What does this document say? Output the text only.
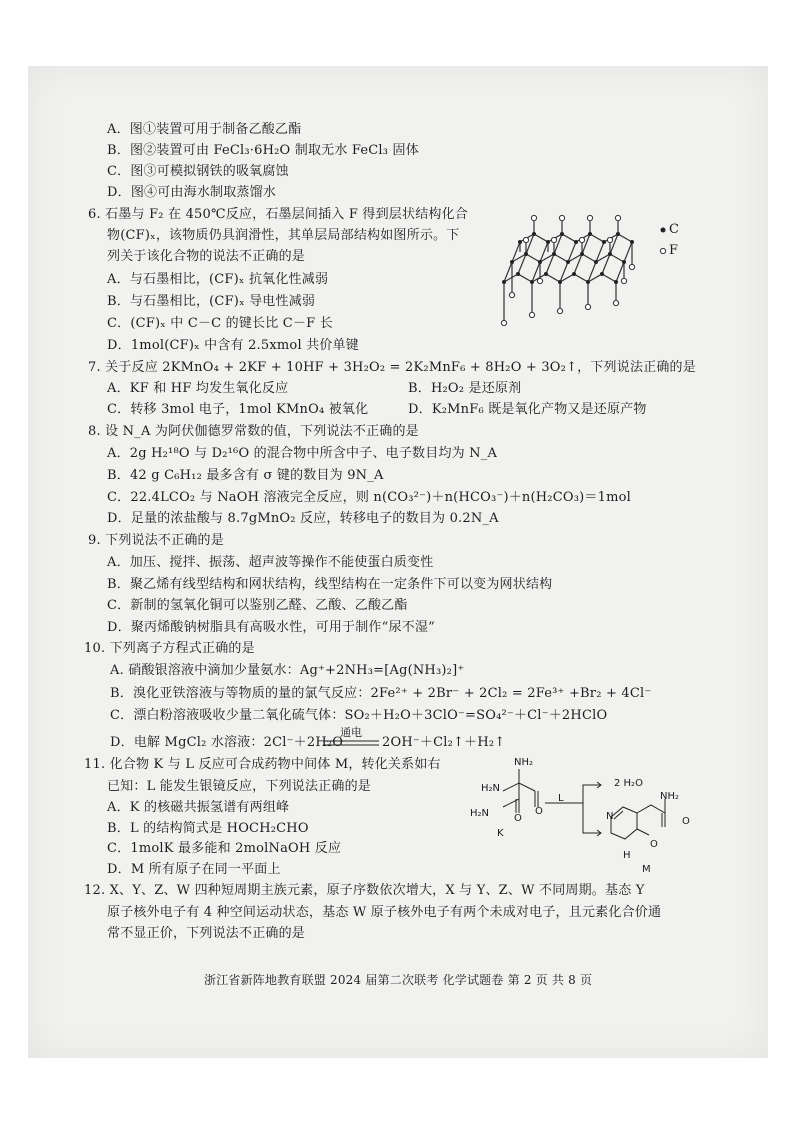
A．图①装置可用于制备乙酸乙酯
B．图②装置可由 FeCl₃·6H₂O 制取无水 FeCl₃ 固体
C．图③可模拟钢铁的吸氧腐蚀
D．图④可由海水制取蒸馏水
6. 石墨与 F₂ 在 450℃反应，石墨层间插入 F 得到层状结构化合
物(CF)ₓ，该物质仍具润滑性，其单层局部结构如图所示。下
列关于该化合物的说法不正确的是
A．与石墨相比，(CF)ₓ 抗氧化性减弱
B．与石墨相比，(CF)ₓ 导电性减弱
C．(CF)ₓ 中 C－C 的键长比 C－F 长
D．1mol(CF)ₓ 中含有 2.5xmol 共价单键
C
F
7. 关于反应 2KMnO₄ + 2KF + 10HF + 3H₂O₂ = 2K₂MnF₆ + 8H₂O + 3O₂↑，下列说法正确的是
A．KF 和 HF 均发生氧化反应	B．H₂O₂ 是还原剂
C．转移 3mol 电子，1mol KMnO₄ 被氧化	D．K₂MnF₆ 既是氧化产物又是还原产物
8. 设 N_A 为阿伏伽德罗常数的值，下列说法不正确的是
A．2g H₂¹⁸O 与 D₂¹⁶O 的混合物中所含中子、电子数目均为 N_A
B．42 g C₆H₁₂ 最多含有 σ 键的数目为 9N_A
C．22.4LCO₂ 与 NaOH 溶液完全反应，则 n(CO₃²⁻)＋n(HCO₃⁻)＋n(H₂CO₃)＝1mol
D．足量的浓盐酸与 8.7gMnO₂ 反应，转移电子的数目为 0.2N_A
9. 下列说法不正确的是
A．加压、搅拌、振荡、超声波等操作不能使蛋白质变性
B．聚乙烯有线型结构和网状结构，线型结构在一定条件下可以变为网状结构
C．新制的氢氧化铜可以鉴别乙醛、乙酸、乙酸乙酯
D．聚丙烯酸钠树脂具有高吸水性，可用于制作“尿不湿”
10. 下列离子方程式正确的是
A. 硝酸银溶液中滴加少量氨水：Ag⁺+2NH₃=[Ag(NH₃)₂]⁺
B．溴化亚铁溶液与等物质的量的氯气反应：2Fe²⁺ + 2Br⁻ + 2Cl₂ = 2Fe³⁺ +Br₂ + 4Cl⁻
C．漂白粉溶液吸收少量二氧化硫气体：SO₂＋H₂O＋3ClO⁻=SO₄²⁻＋Cl⁻＋2HClO
D．电解 MgCl₂ 水溶液：2Cl⁻＋2H₂O
通电
2OH⁻＋Cl₂↑＋H₂↑
11. 化合物 K 与 L 反应可合成药物中间体 M，转化关系如右
已知：L 能发生银镜反应，下列说法正确的是
A．K 的核磁共振氢谱有两组峰
B．L 的结构简式是 HOCH₂CHO
C．1molK 最多能和 2molNaOH 反应
D．M 所有原子在同一平面上
NH₂
H₂N
O
H₂N O
K
L
2 H₂O
NH₂
O
N
O
H
M
12. X、Y、Z、W 四种短周期主族元素，原子序数依次增大，X 与 Y、Z、W 不同周期。基态 Y
原子核外电子有 4 种空间运动状态，基态 W 原子核外电子有两个未成对电子，且元素化合价通
常不显正价，下列说法不正确的是
浙江省新阵地教育联盟 2024 届第二次联考 化学试题卷 第 2 页 共 8 页
